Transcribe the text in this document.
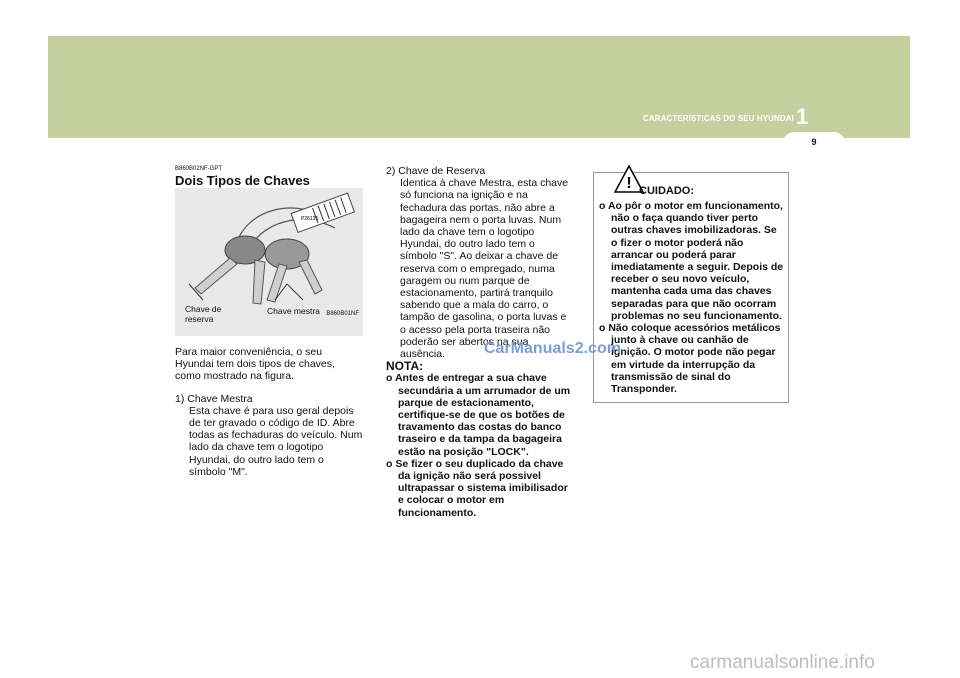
CARACTERÍSTICAS DO SEU HYUNDAI 1
9

B860B02NF-GPT

Dois Tipos de Chaves

P26135
Chave de
reserva
Chave mestra B860B01NF

Para maior conveniência, o seu Hyundai tem dois tipos de chaves, como mostrado na figura.

1) Chave Mestra

Esta chave é para uso geral depois de ter gravado o código de ID. Abre todas as fechaduras do veículo. Num lado da chave tem o logotipo Hyundai, do outro lado tem o símbolo "M".

2) Chave de Reserva

Identica à chave Mestra, esta chave só funciona na ignição e na fechadura das portas, não abre a bagageira nem o porta luvas. Num lado da chave tem o logotipo Hyundai, do outro lado tem o símbolo "S". Ao deixar a chave de reserva com o empregado, numa garagem ou num parque de estacionamento, partirá tranquilo sabendo que a mala do carro, o tampão de gasolina, o porta luvas e o acesso pela porta traseira não poderão ser abertos na sua ausência.

NOTA:

o Antes de entregar a sua chave secundária a um arrumador de um parque de estacionamento, certifique-se de que os botões de travamento das costas do banco traseiro e da tampa da bagageira estão na posição "LOCK".

o Se fizer o seu duplicado da chave da ignição não será possivel ultrapassar o sistema imibilisador e colocar o motor em funcionamento.

! CUIDADO:

o Ao pôr o motor em funcionamento, não o faça quando tiver perto outras chaves imobilizadoras. Se o fizer o motor poderá não arrancar ou poderá parar imediatamente a seguir. Depois de receber o seu novo veículo, mantenha cada uma das chaves separadas para que não ocorram problemas no seu funcionamento.

o Não coloque acessórios metálicos junto à chave ou canhão de ignição. O motor pode não pegar em virtude da interrupção da transmissão de sinal do Transponder.

CarManuals2.com
carmanualsonline.info
